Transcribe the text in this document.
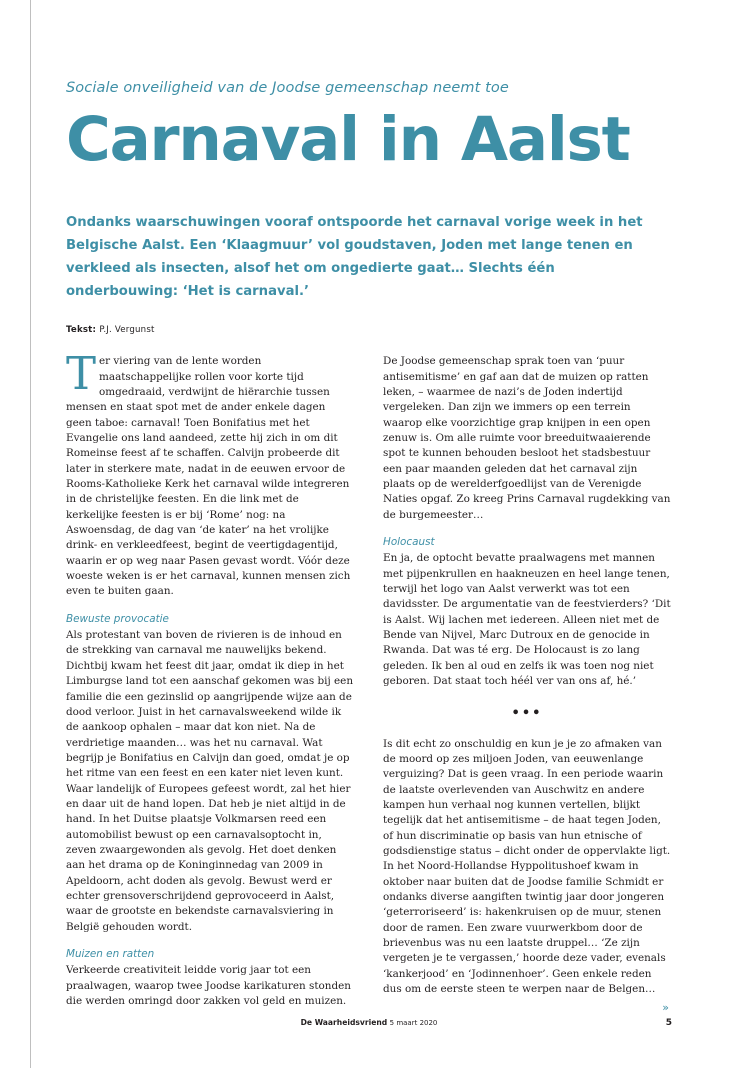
Sociale onveiligheid van de Joodse gemeenschap neemt toe
Carnaval in Aalst
Ondanks waarschuwingen vooraf ontspoorde het carnaval vorige week in het Belgische Aalst. Een ‘Klaagmuur’ vol goudstaven, Joden met lange tenen en verkleed als insecten, alsof het om ongedierte gaat… Slechts één onderbouwing: ‘Het is carnaval.’
Tekst: P.J. Vergunst

Ter viering van de lente worden maatschappelijke rollen voor korte tijd omgedraaid, verdwijnt de hiërarchie tussen mensen en staat spot met de ander enkele dagen geen taboe: carnaval! Toen Bonifatius met het Evangelie ons land aandeed, zette hij zich in om dit Romeinse feest af te schaffen. Calvijn probeerde dit later in sterkere mate, nadat in de eeuwen ervoor de Rooms-Katholieke Kerk het carnaval wilde integreren in de christelijke feesten. En die link met de kerkelijke feesten is er bij ‘Rome’ nog: na Aswoensdag, de dag van ‘de kater’ na het vrolijke drink- en verkleedfeest, begint de veertigdagentijd, waarin er op weg naar Pasen gevast wordt. Vóór deze woeste weken is er het carnaval, kunnen mensen zich even te buiten gaan.

Bewuste provocatie

Als protestant van boven de rivieren is de inhoud en de strekking van carnaval me nauwelijks bekend. Dichtbij kwam het feest dit jaar, omdat ik diep in het Limburgse land tot een aanschaf gekomen was bij een familie die een gezinslid op aangrijpende wijze aan de dood verloor. Juist in het carnavalsweekend wilde ik de aankoop ophalen – maar dat kon niet. Na de verdrietige maanden… was het nu carnaval. Wat begrijp je Bonifatius en Calvijn dan goed, omdat je op het ritme van een feest en een kater niet leven kunt. Waar landelijk of Europees gefeest wordt, zal het hier en daar uit de hand lopen. Dat heb je niet altijd in de hand. In het Duitse plaatsje Volkmarsen reed een automobilist bewust op een carnavalsoptocht in, zeven zwaargewonden als gevolg. Het doet denken aan het drama op de Koninginnedag van 2009 in Apeldoorn, acht doden als gevolg. Bewust werd er echter grensoverschrijdend geprovoceerd in Aalst, waar de grootste en bekendste carnavalsviering in België gehouden wordt.

Muizen en ratten

Verkeerde creativiteit leidde vorig jaar tot een praalwagen, waarop twee Joodse karikaturen stonden die werden omringd door zakken vol geld en muizen.

De Joodse gemeenschap sprak toen van ‘puur antisemitisme’ en gaf aan dat de muizen op ratten leken, – waarmee de nazi’s de Joden indertijd vergeleken. Dan zijn we immers op een terrein waarop elke voorzichtige grap knijpen in een open zenuw is. Om alle ruimte voor breeduitwaaierende spot te kunnen behouden besloot het stadsbestuur een paar maanden geleden dat het carnaval zijn plaats op de werelderfgoedlijst van de Verenigde Naties opgaf. Zo kreeg Prins Carnaval rugdekking van de burgemeester…

Holocaust

En ja, de optocht bevatte praalwagens met mannen met pijpenkrullen en haakneuzen en heel lange tenen, terwijl het logo van Aalst verwerkt was tot een davidsster. De argumentatie van de feestvierders? ‘Dit is Aalst. Wij lachen met iedereen. Alleen niet met de Bende van Nijvel, Marc Dutroux en de genocide in Rwanda. Dat was té erg. De Holocaust is zo lang geleden. Ik ben al oud en zelfs ik was toen nog niet geboren. Dat staat toch héél ver van ons af, hé.’

•••

Is dit echt zo onschuldig en kun je je zo afmaken van de moord op zes miljoen Joden, van eeuwenlange verguizing? Dat is geen vraag. In een periode waarin de laatste overlevenden van Auschwitz en andere kampen hun verhaal nog kunnen vertellen, blijkt tegelijk dat het antisemitisme – de haat tegen Joden, of hun discriminatie op basis van hun etnische of godsdienstige status – dicht onder de oppervlakte ligt. In het Noord-Hollandse Hyppolitushoef kwam in oktober naar buiten dat de Joodse familie Schmidt er ondanks diverse aangiften twintig jaar door jongeren ‘geterroriseerd’ is: hakenkruisen op de muur, stenen door de ramen. Een zware vuurwerkbom door de brievenbus was nu een laatste druppel… ‘Ze zijn vergeten je te vergassen,’ hoorde deze vader, evenals ‘kankerjood’ en ‘Jodinnenhoer’. Geen enkele reden dus om de eerste steen te werpen naar de Belgen…

»
De Waarheidsvriend 5 maart 2020	5
